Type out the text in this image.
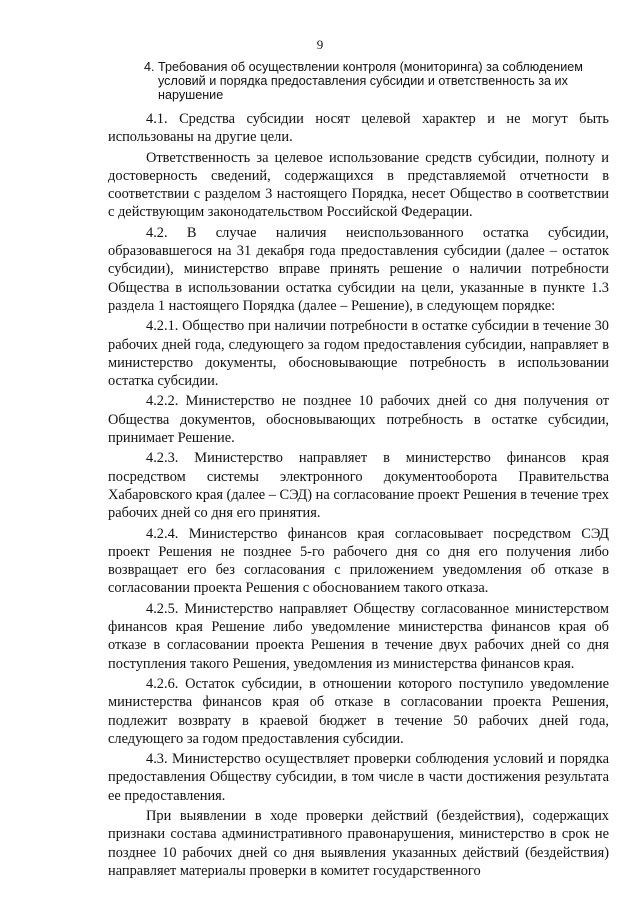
9
4. Требования об осуществлении контроля (мониторинга) за соблюдением условий и порядка предоставления субсидии и ответственность за их нарушение

4.1. Средства субсидии носят целевой характер и не могут быть использованы на другие цели.

Ответственность за целевое использование средств субсидии, полноту и достоверность сведений, содержащихся в представляемой отчетности в соответствии с разделом 3 настоящего Порядка, несет Общество в соответствии с действующим законодательством Российской Федерации.

4.2. В случае наличия неиспользованного остатка субсидии, образовавшегося на 31 декабря года предоставления субсидии (далее – остаток субсидии), министерство вправе принять решение о наличии потребности Общества в использовании остатка субсидии на цели, указанные в пункте 1.3 раздела 1 настоящего Порядка (далее – Решение), в следующем порядке:

4.2.1. Общество при наличии потребности в остатке субсидии в течение 30 рабочих дней года, следующего за годом предоставления субсидии, направляет в министерство документы, обосновывающие потребность в использовании остатка субсидии.

4.2.2. Министерство не позднее 10 рабочих дней со дня получения от Общества документов, обосновывающих потребность в остатке субсидии, принимает Решение.

4.2.3. Министерство направляет в министерство финансов края посредством системы электронного документооборота Правительства Хабаровского края (далее – СЭД) на согласование проект Решения в течение трех рабочих дней со дня его принятия.

4.2.4. Министерство финансов края согласовывает посредством СЭД проект Решения не позднее 5-го рабочего дня со дня его получения либо возвращает его без согласования с приложением уведомления об отказе в согласовании проекта Решения с обоснованием такого отказа.

4.2.5. Министерство направляет Обществу согласованное министерством финансов края Решение либо уведомление министерства финансов края об отказе в согласовании проекта Решения в течение двух рабочих дней со дня поступления такого Решения, уведомления из министерства финансов края.

4.2.6. Остаток субсидии, в отношении которого поступило уведомление министерства финансов края об отказе в согласовании проекта Решения, подлежит возврату в краевой бюджет в течение 50 рабочих дней года, следующего за годом предоставления субсидии.

4.3. Министерство осуществляет проверки соблюдения условий и порядка предоставления Обществу субсидии, в том числе в части достижения результата ее предоставления.

При выявлении в ходе проверки действий (бездействия), содержащих признаки состава административного правонарушения, министерство в срок не позднее 10 рабочих дней со дня выявления указанных действий (бездействия) направляет материалы проверки в комитет государственного
